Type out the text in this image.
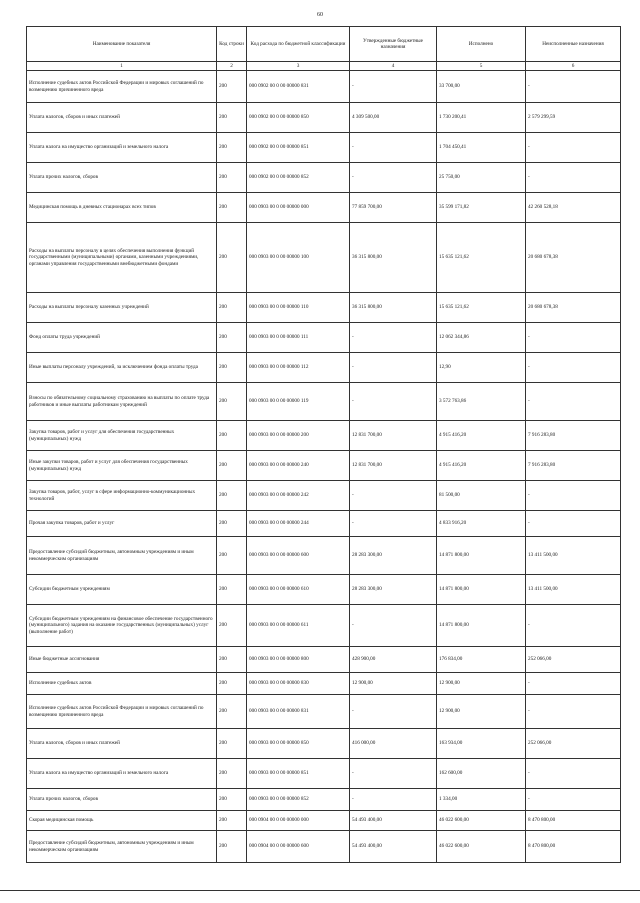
60
Наименование показателя	Код строки	Код расхода по бюджетной классификации	Утвержденные бюджетные назначения	Исполнено	Неисполненные назначения
1	2	3	4	5	6
Исполнение судебных актов Российской Федерации и мировых соглашений по возмещению причиненного вреда	200	000 0902 00 0 00 00000 831	-	33 700,00	-
Уплата налогов, сборов и иных платежей	200	000 0902 00 0 00 00000 850	4 309 500,00	1 730 200,41	2 579 299,59
Уплата налога на имущество организаций и земельного налога	200	000 0902 00 0 00 00000 851	-	1 704 450,41	-
Уплата прочих налогов, сборов	200	000 0902 00 0 00 00000 852	-	25 750,00	-
Медицинская помощь в дневных стационарах всех типов	200	000 0903 00 0 00 00000 000	77 859 700,00	35 599 171,82	42 260 528,18
Расходы на выплаты персоналу в целях обеспечения выполнения функций государственными (муниципальными) органами, казенными учреждениями, органами управления государственными внебюджетными фондами	200	000 0903 00 0 00 00000 100	36 315 800,00	15 635 121,62	20 680 678,38
Расходы на выплаты персоналу казенных учреждений	200	000 0903 00 0 00 00000 110	36 315 800,00	15 635 121,62	20 680 678,38
Фонд оплаты труда учреждений	200	000 0903 00 0 00 00000 111	-	12 062 344,86	-
Иные выплаты персоналу учреждений, за исключением фонда оплаты труда	200	000 0903 00 0 00 00000 112	-	12,90	-
Взносы по обязательному социальному страхованию на выплаты по оплате труда работников и иные выплаты работникам учреждений	200	000 0903 00 0 00 00000 119	-	3 572 763,86	-
Закупка товаров, работ и услуг для обеспечения государственных (муниципальных) нужд	200	000 0903 00 0 00 00000 200	12 831 700,00	4 915 416,20	7 916 283,80
Иные закупки товаров, работ и услуг для обеспечения государственных (муниципальных) нужд	200	000 0903 00 0 00 00000 240	12 831 700,00	4 915 416,20	7 916 283,80
Закупка товаров, работ, услуг в сфере информационно-коммуникационных технологий	200	000 0903 00 0 00 00000 242	-	81 500,00	-
Прочая закупка товаров, работ и услуг	200	000 0903 00 0 00 00000 244	-	4 833 916,20	-
Предоставление субсидий бюджетным, автономным учреждениям и иным некоммерческим организациям	200	000 0903 00 0 00 00000 600	28 283 300,00	14 871 800,00	13 411 500,00
Субсидии бюджетным учреждениям	200	000 0903 00 0 00 00000 610	28 283 300,00	14 871 800,00	13 411 500,00
Субсидии бюджетным учреждениям на финансовое обеспечение государственного (муниципального) задания на оказание государственных (муниципальных) услуг (выполнение работ)	200	000 0903 00 0 00 00000 611	-	14 871 800,00	-
Иные бюджетные ассигнования	200	000 0903 00 0 00 00000 800	428 900,00	176 834,00	252 066,00
Исполнение судебных актов	200	000 0903 00 0 00 00000 830	12 900,00	12 900,00	-
Исполнение судебных актов Российской Федерации и мировых соглашений по возмещению причиненного вреда	200	000 0903 00 0 00 00000 831	-	12 900,00	-
Уплата налогов, сборов и иных платежей	200	000 0903 00 0 00 00000 850	416 000,00	163 934,00	252 066,00
Уплата налога на имущество организаций и земельного налога	200	000 0903 00 0 00 00000 851	-	162 600,00	-
Уплата прочих налогов, сборов	200	000 0903 00 0 00 00000 852	-	1 334,00	-
Скорая медицинская помощь	200	000 0904 00 0 00 00000 000	54 493 400,00	46 022 600,00	8 470 800,00
Предоставление субсидий бюджетным, автономным учреждениям и иным некоммерческим организациям	200	000 0904 00 0 00 00000 600	54 493 400,00	46 022 600,00	8 470 800,00
